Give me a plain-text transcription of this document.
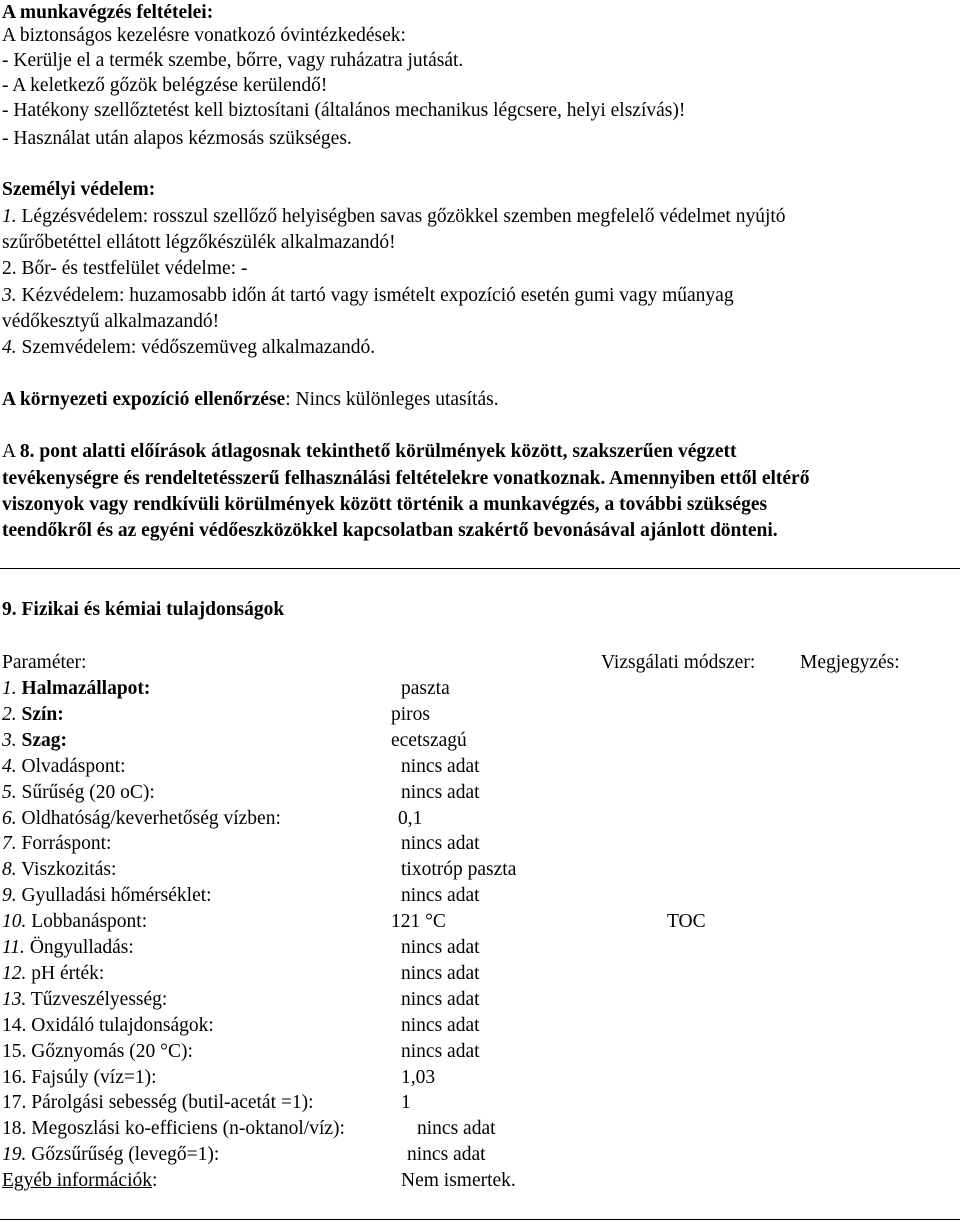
A munkavégzés feltételei:
A biztonságos kezelésre vonatkozó óvintézkedések:
- Kerülje el a termék szembe, bőrre, vagy ruházatra jutását.
- A keletkező gőzök belégzése kerülendő!
- Hatékony szellőztetést kell biztosítani (általános mechanikus légcsere, helyi elszívás)!
- Használat után alapos kézmosás szükséges.
Személyi védelem:
1. Légzésvédelem: rosszul szellőző helyiségben savas gőzökkel szemben megfelelő védelmet nyújtó
szűrőbetéttel ellátott légzőkészülék alkalmazandó!
2. Bőr- és testfelület védelme: -
3. Kézvédelem: huzamosabb időn át tartó vagy ismételt expozíció esetén gumi vagy műanyag
védőkesztyű alkalmazandó!
4. Szemvédelem: védőszemüveg alkalmazandó.
A környezeti expozíció ellenőrzése: Nincs különleges utasítás.
A 8. pont alatti előírások átlagosnak tekinthető körülmények között, szakszerűen végzett
tevékenységre és rendeltetésszerű felhasználási feltételekre vonatkoznak. Amennyiben ettől eltérő
viszonyok vagy rendkívüli körülmények között történik a munkavégzés, a további szükséges
teendőkről és az egyéni védőeszközökkel kapcsolatban szakértő bevonásával ajánlott dönteni.
9. Fizikai és kémiai tulajdonságok
Paraméter:	Vizsgálati módszer: Megjegyzés:
1. Halmazállapot:	paszta
2. Szín:	piros
3. Szag:	ecetszagú
4. Olvadáspont:	nincs adat
5. Sűrűség (20 oC):	nincs adat
6. Oldhatóság/keverhetőség vízben:	0,1
7. Forráspont:	nincs adat
8. Viszkozitás:	tixotróp paszta
9. Gyulladási hőmérséklet:	nincs adat
10. Lobbanáspont:	121 °C	TOC
11. Öngyulladás:	nincs adat
12. pH érték:	nincs adat
13. Tűzveszélyesség:	nincs adat
14. Oxidáló tulajdonságok:	nincs adat
15. Gőznyomás (20 °C):	nincs adat
16. Fajsúly (víz=1):	1,03
17. Párolgási sebesség (butil-acetát =1):	1
18. Megoszlási ko-efficiens (n-oktanol/víz):	nincs adat
19. Gőzsűrűség (levegő=1):	nincs adat
Egyéb információk:	Nem ismertek.
